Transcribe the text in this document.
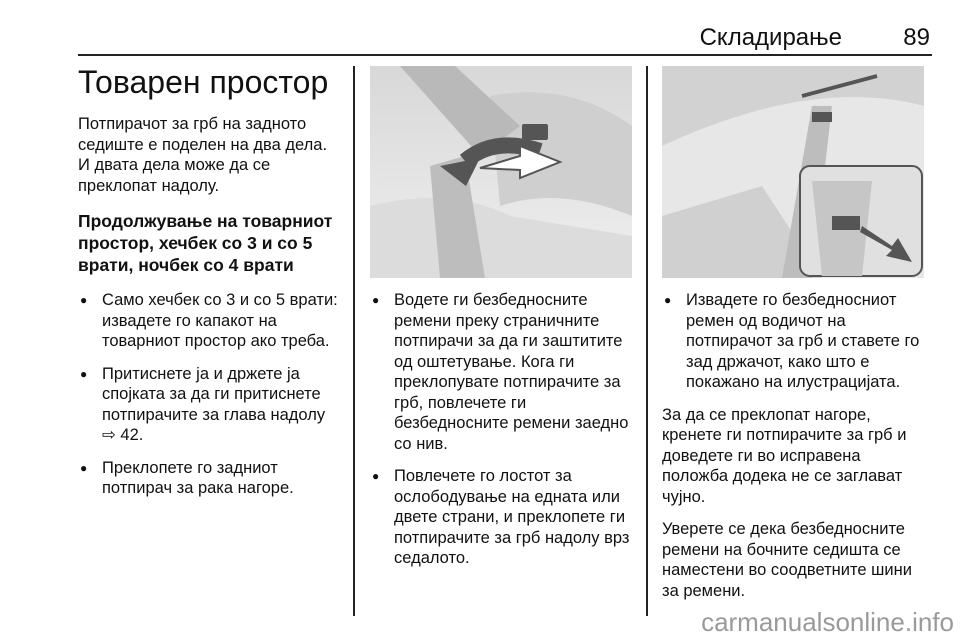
Складирање	89
Товарен простор

Потпирачот за грб на задното седиште е поделен на два дела. И двата дела може да се преклопат надолу.

Продолжување на товарниот простор, хечбек со 3 и со 5 врати, ночбек со 4 врати
● Само хечбек со 3 и со 5 врати: извадете го капакот на товарниот простор ако треба.
● Притиснете ја и држете ја спојката за да ги притиснете потпирачите за глава надолу ⇨ 42.
● Преклопете го задниот потпирач за рака нагоре.
● Водете ги безбедносните ремени преку страничните потпирачи за да ги заштитите од оштетување. Кога ги преклопувате потпирачите за грб, повлечете ги безбедносните ремени заедно со нив.
● Повлечете го лостот за ослободување на едната или двете страни, и преклопете ги потпирачите за грб надолу врз седалото.
● Извадете го безбедносниот ремен од водичот на потпирачот за грб и ставете го зад држачот, како што е покажано на илустрацијата.

За да се преклопат нагоре, кренете ги потпирачите за грб и доведете ги во исправена положба додека не се заглават чујно.

Уверете се дека безбедносните ремени на бочните седишта се наместени во соодветните шини за ремени.

carmanualsonline.info
